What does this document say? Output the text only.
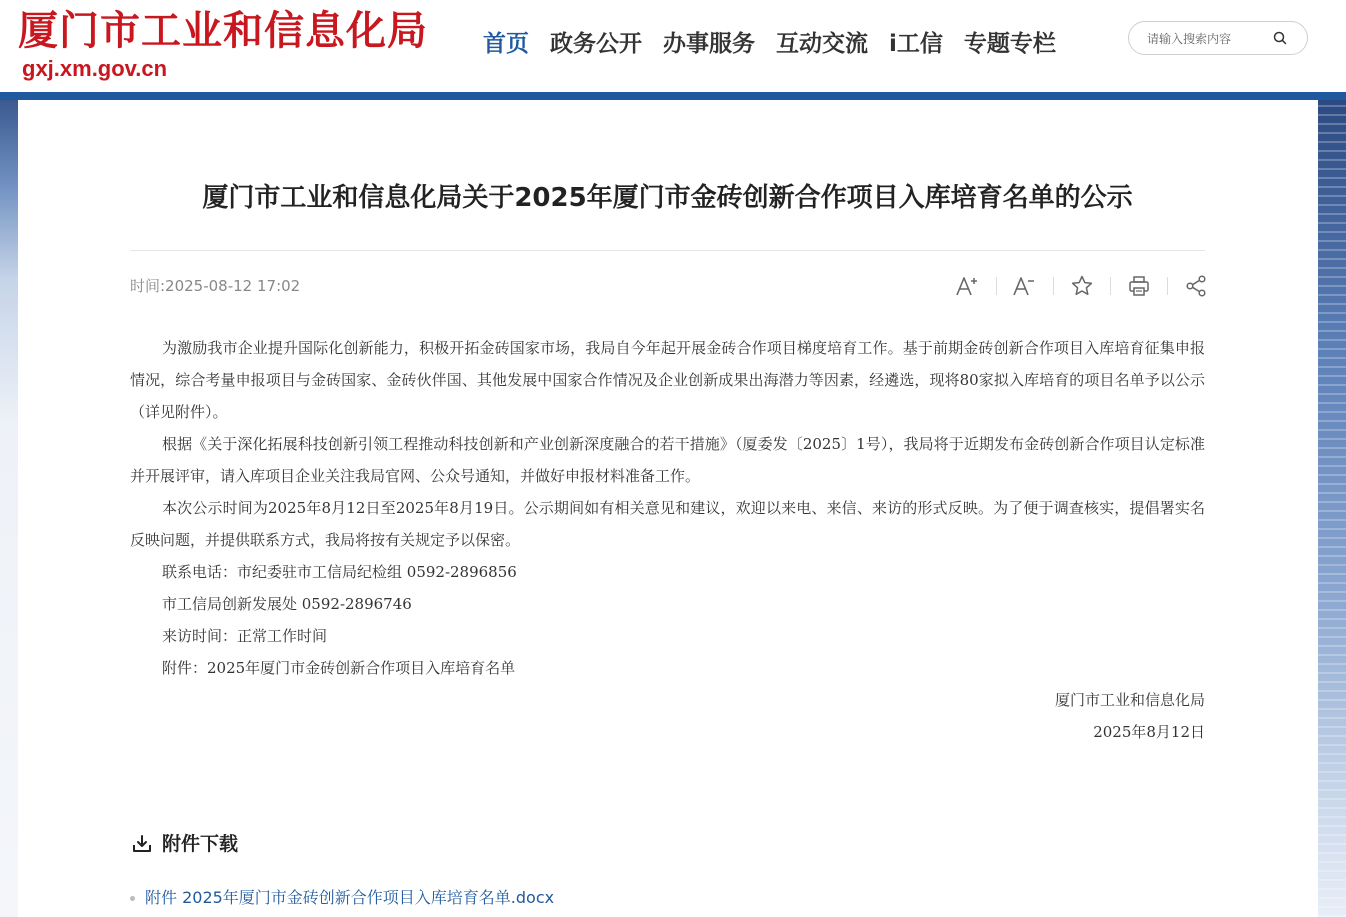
厦门市工业和信息化局
gxj.xm.gov.cn
首页 政务公开 办事服务 互动交流 i工信 专题专栏
请输入搜索内容
厦门市工业和信息化局关于2025年厦门市金砖创新合作项目入库培育名单的公示
时间:2025-08-12 17:02

为激励我市企业提升国际化创新能力，积极开拓金砖国家市场，我局自今年起开展金砖合作项目梯度培育工作。基于前期金砖创新合作项目入库培育征集申报情况，综合考量申报项目与金砖国家、金砖伙伴国、其他发展中国家合作情况及企业创新成果出海潜力等因素，经遴选，现将80家拟入库培育的项目名单予以公示（详见附件）。

根据《关于深化拓展科技创新引领工程推动科技创新和产业创新深度融合的若干措施》（厦委发〔2025〕1号），我局将于近期发布金砖创新合作项目认定标准并开展评审，请入库项目企业关注我局官网、公众号通知，并做好申报材料准备工作。

本次公示时间为2025年8月12日至2025年8月19日。公示期间如有相关意见和建议，欢迎以来电、来信、来访的形式反映。为了便于调查核实，提倡署实名反映问题，并提供联系方式，我局将按有关规定予以保密。

联系电话：市纪委驻市工信局纪检组 0592-2896856

市工信局创新发展处 0592-2896746

来访时间：正常工作时间

附件：2025年厦门市金砖创新合作项目入库培育名单

厦门市工业和信息化局

2025年8月12日

附件下载
附件 2025年厦门市金砖创新合作项目入库培育名单.docx
